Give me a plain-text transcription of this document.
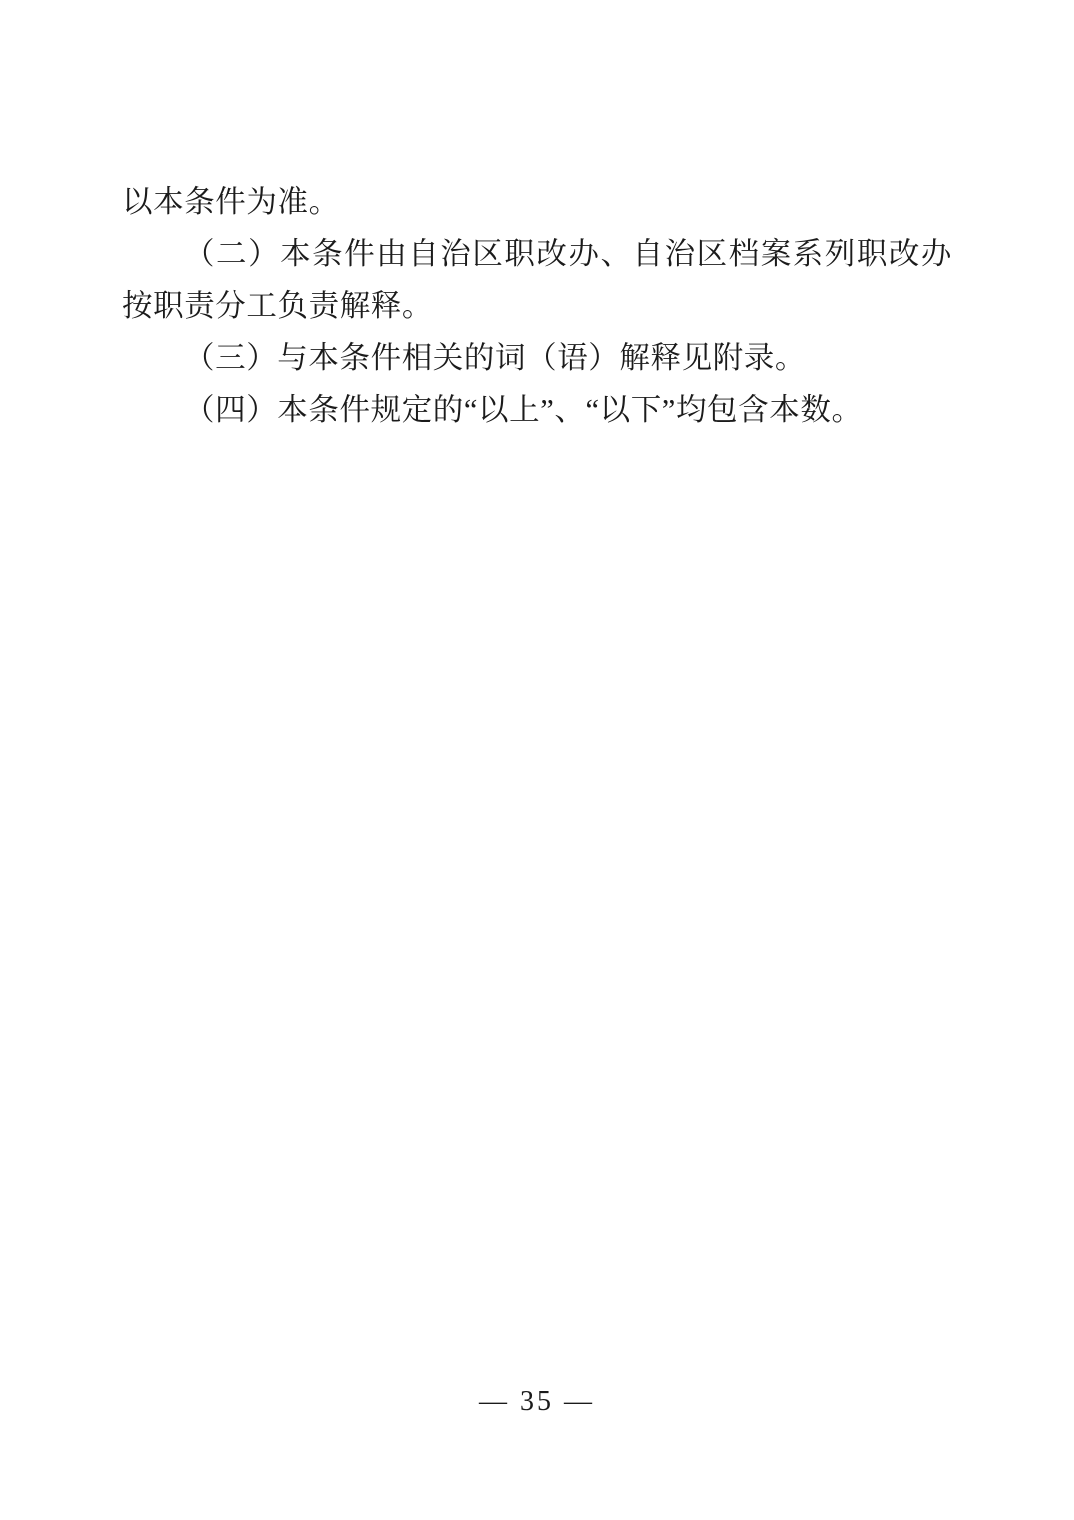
以本条件为准。

（二）本条件由自治区职改办、自治区档案系列职改办按职责分工负责解释。

（三）与本条件相关的词（语）解释见附录。

（四）本条件规定的“以上”、“以下”均包含本数。

— 35 —
